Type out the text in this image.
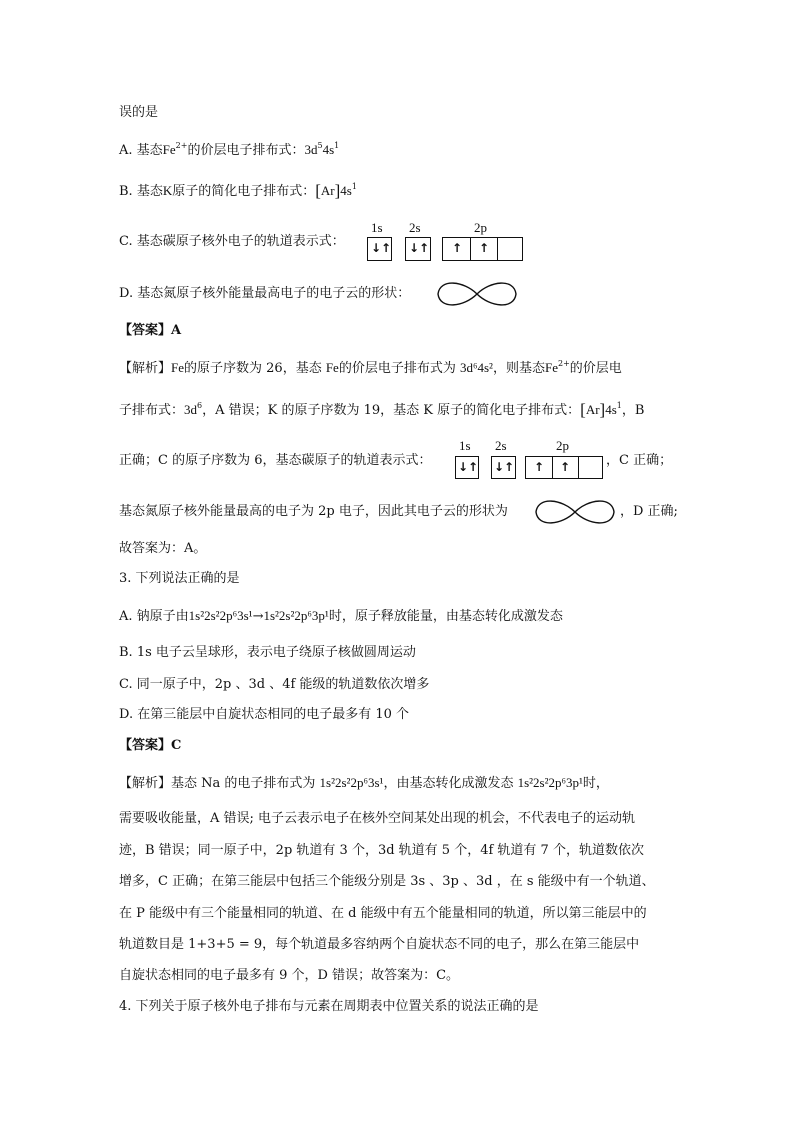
误的是
A. 基态$Fe^{2+}$的价层电子排布式：$3d^54s^1$
B. 基态K原子的简化电子排布式：$[Ar]4s^1$
C. 基态碳原子核外电子的轨道表示式：
1s 2s	2p
↓↑ ↓↑ ↑ ↑
D. 基态氮原子核外能量最高电子的电子云的形状：
【答案】A
【解析】Fe的原子序数为 26，基态 Fe的价层电子排布式为 3d⁶4s²，则基态$Fe^{2+}$的价层电
子排布式：$3d^6$，A 错误；K 的原子序数为 19，基态 K 原子的简化电子排布式：$[Ar]4s^1$，B
正确；C 的原子序数为 6，基态碳原子的轨道表示式：
1s 2s	2p
↓↑ ↓↑ ↑ ↑	，C 正确；
基态氮原子核外能量最高的电子为 2p 电子，因此其电子云的形状为	，D 正确;
故答案为：A。
3. 下列说法正确的是
A. 钠原子由1s²2s²2p⁶3s¹→1s²2s²2p⁶3p¹时，原子释放能量，由基态转化成激发态
B. 1s 电子云呈球形，表示电子绕原子核做圆周运动
C. 同一原子中，2p 、3d 、4f 能级的轨道数依次增多
D. 在第三能层中自旋状态相同的电子最多有 10 个
【答案】C
【解析】基态 Na 的电子排布式为 1s²2s²2p⁶3s¹，由基态转化成激发态 1s²2s²2p⁶3p¹时，
需要吸收能量，A 错误; 电子云表示电子在核外空间某处出现的机会，不代表电子的运动轨
迹，B 错误；同一原子中，2p 轨道有 3 个，3d 轨道有 5 个，4f 轨道有 7 个，轨道数依次
增多，C 正确；在第三能层中包括三个能级分别是 3s 、3p 、3d ，在 s 能级中有一个轨道、
在 P 能级中有三个能量相同的轨道、在 d 能级中有五个能量相同的轨道，所以第三能层中的
轨道数目是 1+3+5 = 9，每个轨道最多容纳两个自旋状态不同的电子，那么在第三能层中
自旋状态相同的电子最多有 9 个，D 错误；故答案为：C。
4. 下列关于原子核外电子排布与元素在周期表中位置关系的说法正确的是
